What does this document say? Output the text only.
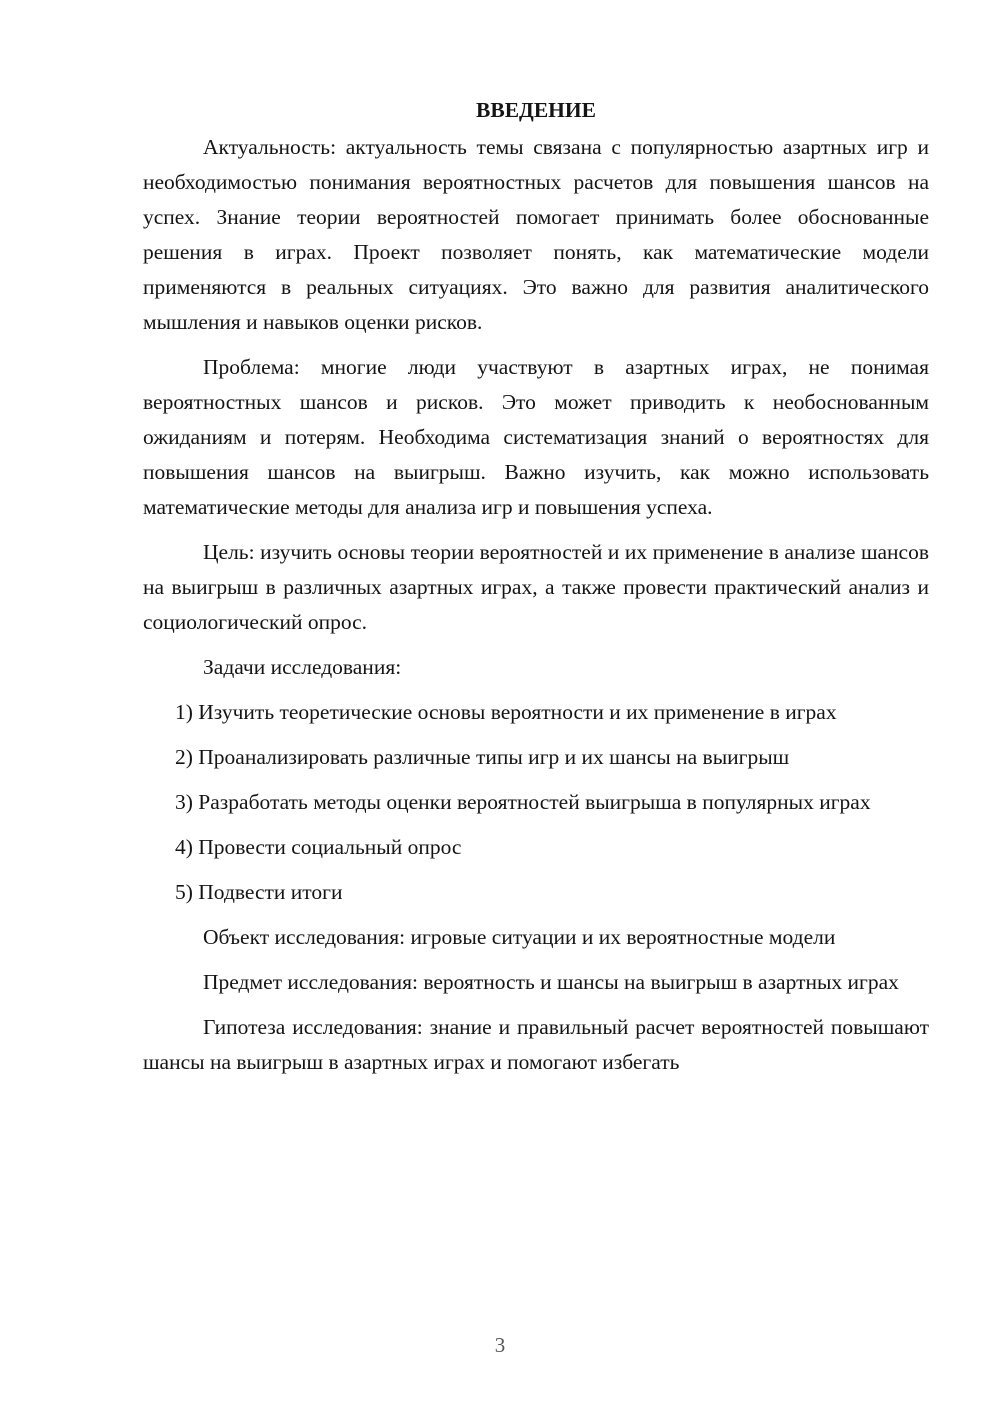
ВВЕДЕНИЕ

Актуальность: актуальность темы связана с популярностью азартных игр и необходимостью понимания вероятностных расчетов для повышения шансов на успех. Знание теории вероятностей помогает принимать более обоснованные решения в играх. Проект позволяет понять, как математические модели применяются в реальных ситуациях. Это важно для развития аналитического мышления и навыков оценки рисков.

Проблема: многие люди участвуют в азартных играх, не понимая вероятностных шансов и рисков. Это может приводить к необоснованным ожиданиям и потерям. Необходима систематизация знаний о вероятностях для повышения шансов на выигрыш. Важно изучить, как можно использовать математические методы для анализа игр и повышения успеха.

Цель: изучить основы теории вероятностей и их применение в анализе шансов на выигрыш в различных азартных играх, а также провести практический анализ и социологический опрос.

Задачи исследования:

1) Изучить теоретические основы вероятности и их применение в играх

2) Проанализировать различные типы игр и их шансы на выигрыш

3) Разработать методы оценки вероятностей выигрыша в популярных играх

4) Провести социальный опрос

5) Подвести итоги

Объект исследования: игровые ситуации и их вероятностные модели

Предмет исследования: вероятность и шансы на выигрыш в азартных играх

Гипотеза исследования: знание и правильный расчет вероятностей повышают шансы на выигрыш в азартных играх и помогают избегать

3
